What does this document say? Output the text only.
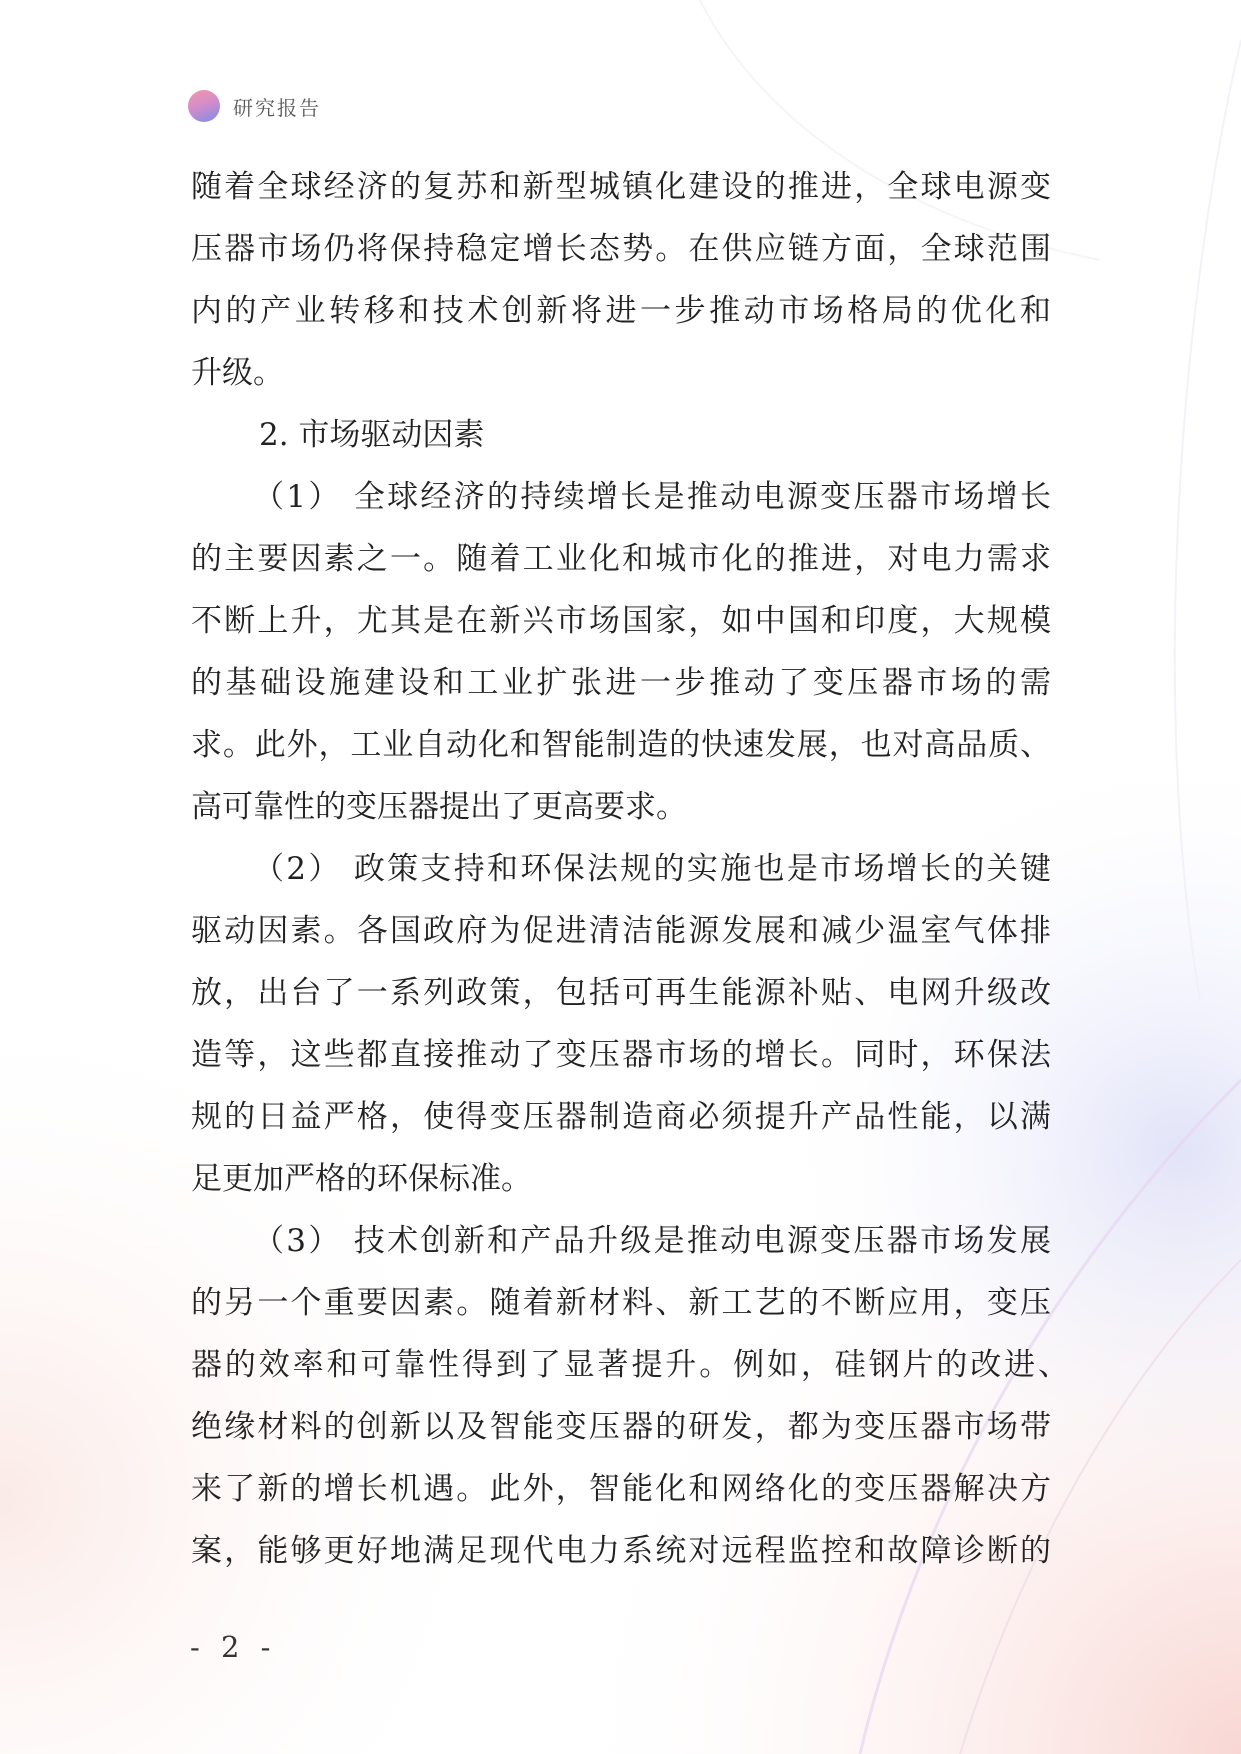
研究报告
随着全球经济的复苏和新型城镇化建设的推进，全球电源变
压器市场仍将保持稳定增长态势。在供应链方面，全球范围
内的产业转移和技术创新将进一步推动市场格局的优化和
升级。
2. 市场驱动因素
（1） 全球经济的持续增长是推动电源变压器市场增长
的主要因素之一。随着工业化和城市化的推进，对电力需求
不断上升，尤其是在新兴市场国家，如中国和印度，大规模
的基础设施建设和工业扩张进一步推动了变压器市场的需
求。此外，工业自动化和智能制造的快速发展，也对高品质、
高可靠性的变压器提出了更高要求。
（2） 政策支持和环保法规的实施也是市场增长的关键
驱动因素。各国政府为促进清洁能源发展和减少温室气体排
放，出台了一系列政策，包括可再生能源补贴、电网升级改
造等，这些都直接推动了变压器市场的增长。同时，环保法
规的日益严格，使得变压器制造商必须提升产品性能，以满
足更加严格的环保标准。
（3） 技术创新和产品升级是推动电源变压器市场发展
的另一个重要因素。随着新材料、新工艺的不断应用，变压
器的效率和可靠性得到了显著提升。例如，硅钢片的改进、
绝缘材料的创新以及智能变压器的研发，都为变压器市场带
来了新的增长机遇。此外，智能化和网络化的变压器解决方
案，能够更好地满足现代电力系统对远程监控和故障诊断的
- 2 -
